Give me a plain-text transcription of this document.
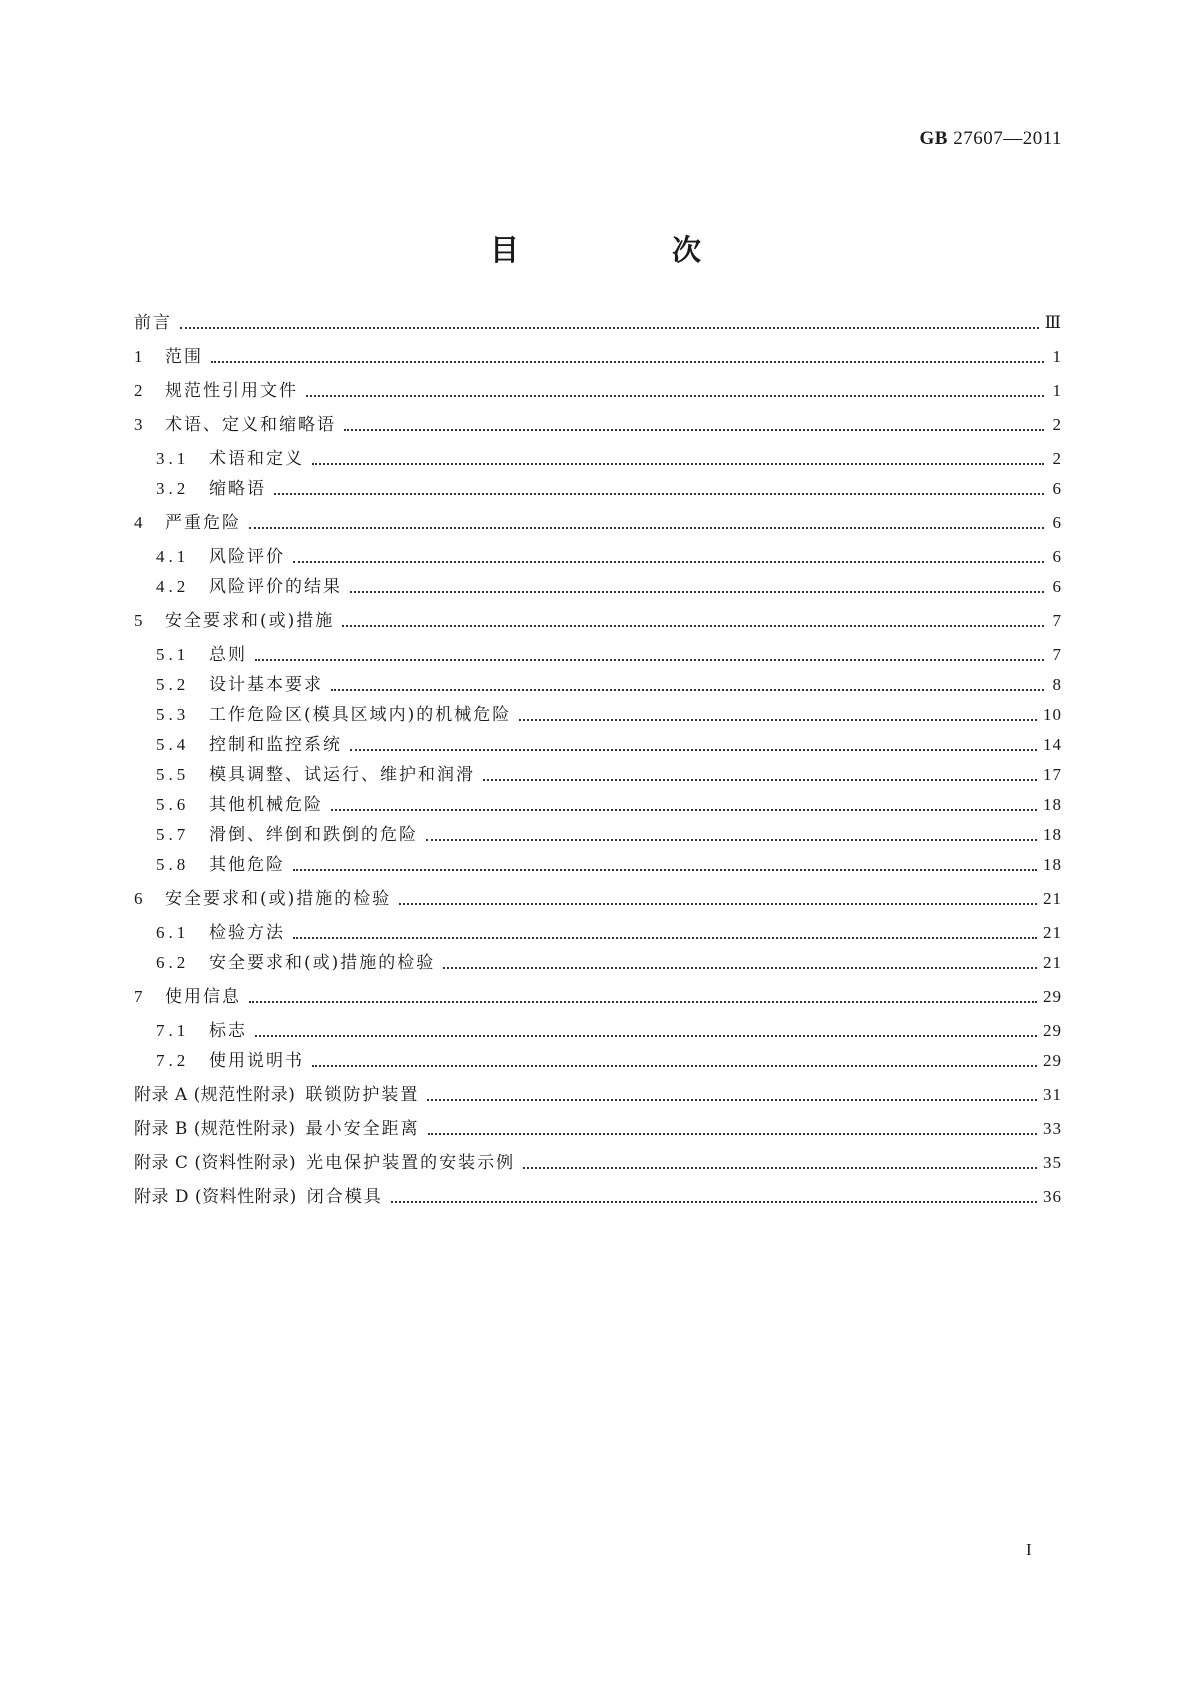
GB 27607—2011
目　次
前言	Ⅲ
1	范围	1
2	规范性引用文件	1
3	术语、定义和缩略语	2
3.1	术语和定义	2
3.2	缩略语	6
4	严重危险	6
4.1	风险评价	6
4.2	风险评价的结果	6
5	安全要求和(或)措施	7
5.1	总则	7
5.2	设计基本要求	8
5.3	工作危险区(模具区域内)的机械危险	10
5.4	控制和监控系统	14
5.5	模具调整、试运行、维护和润滑	17
5.6	其他机械危险	18
5.7	滑倒、绊倒和跌倒的危险	18
5.8	其他危险	18
6	安全要求和(或)措施的检验	21
6.1	检验方法	21
6.2	安全要求和(或)措施的检验	21
7	使用信息	29
7.1	标志	29
7.2	使用说明书	29
附录 A (规范性附录) 联锁防护装置	31
附录 B (规范性附录) 最小安全距离	33
附录 C (资料性附录) 光电保护装置的安装示例	35
附录 D (资料性附录) 闭合模具	36
I
